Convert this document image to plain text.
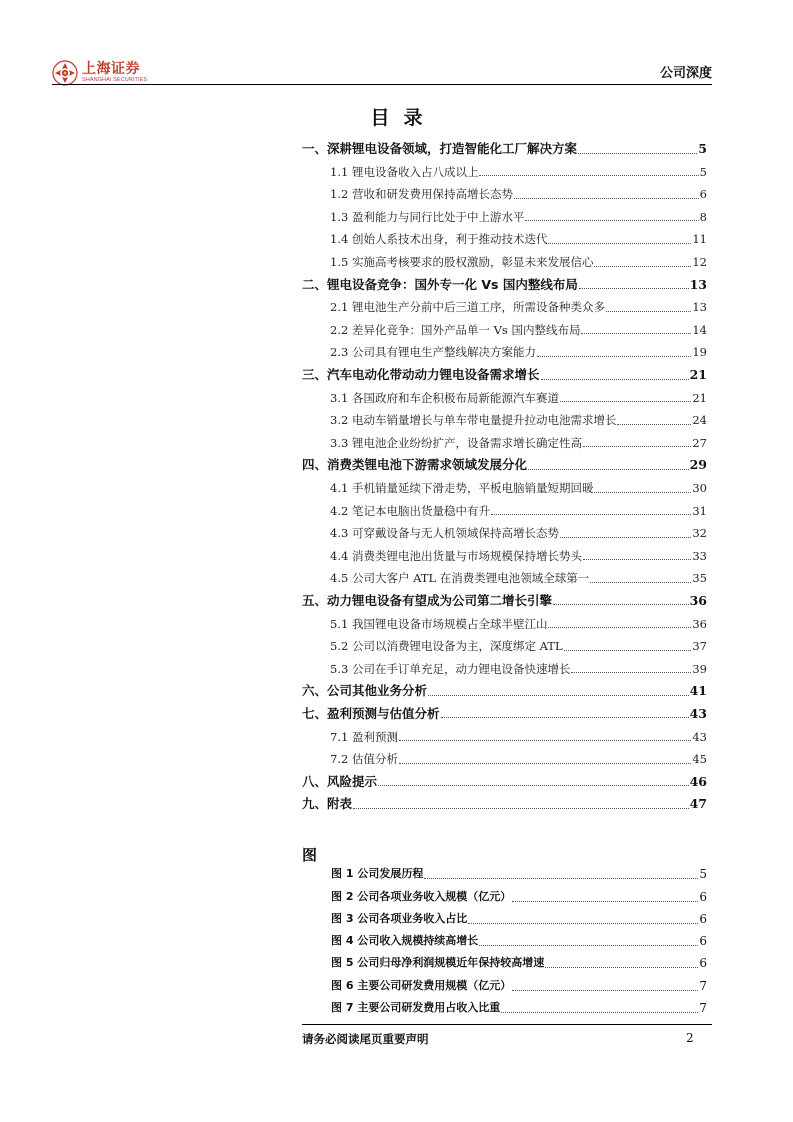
上海证券
SHANGHAI SECURITIES	公司深度
目录
一、深耕锂电设备领域，打造智能化工厂解决方案	5
1.1 锂电设备收入占八成以上	5
1.2 营收和研发费用保持高增长态势	6
1.3 盈利能力与同行比处于中上游水平	8
1.4 创始人系技术出身，利于推动技术迭代	11
1.5 实施高考核要求的股权激励，彰显未来发展信心	12
二、锂电设备竞争：国外专一化 Vs 国内整线布局	13
2.1 锂电池生产分前中后三道工序，所需设备种类众多	13
2.2 差异化竞争：国外产品单一 Vs 国内整线布局	14
2.3 公司具有锂电生产整线解决方案能力	19
三、汽车电动化带动动力锂电设备需求增长	21
3.1 各国政府和车企积极布局新能源汽车赛道	21
3.2 电动车销量增长与单车带电量提升拉动电池需求增长	24
3.3 锂电池企业纷纷扩产，设备需求增长确定性高	27
四、消费类锂电池下游需求领域发展分化	29
4.1 手机销量延续下滑走势，平板电脑销量短期回暖	30
4.2 笔记本电脑出货量稳中有升	31
4.3 可穿戴设备与无人机领域保持高增长态势	32
4.4 消费类锂电池出货量与市场规模保持增长势头	33
4.5 公司大客户 ATL 在消费类锂电池领域全球第一	35
五、动力锂电设备有望成为公司第二增长引擎	36
5.1 我国锂电设备市场规模占全球半壁江山	36
5.2 公司以消费锂电设备为主，深度绑定 ATL	37
5.3 公司在手订单充足，动力锂电设备快速增长	39
六、公司其他业务分析	41
七、盈利预测与估值分析	43
7.1 盈利预测	43
7.2 估值分析	45
八、风险提示	46
九、附表	47
图
图 1 公司发展历程	5
图 2 公司各项业务收入规模（亿元）	6
图 3 公司各项业务收入占比	6
图 4 公司收入规模持续高增长	6
图 5 公司归母净利润规模近年保持较高增速	6
图 6 主要公司研发费用规模（亿元）	7
图 7 主要公司研发费用占收入比重	7
请务必阅读尾页重要声明	2
